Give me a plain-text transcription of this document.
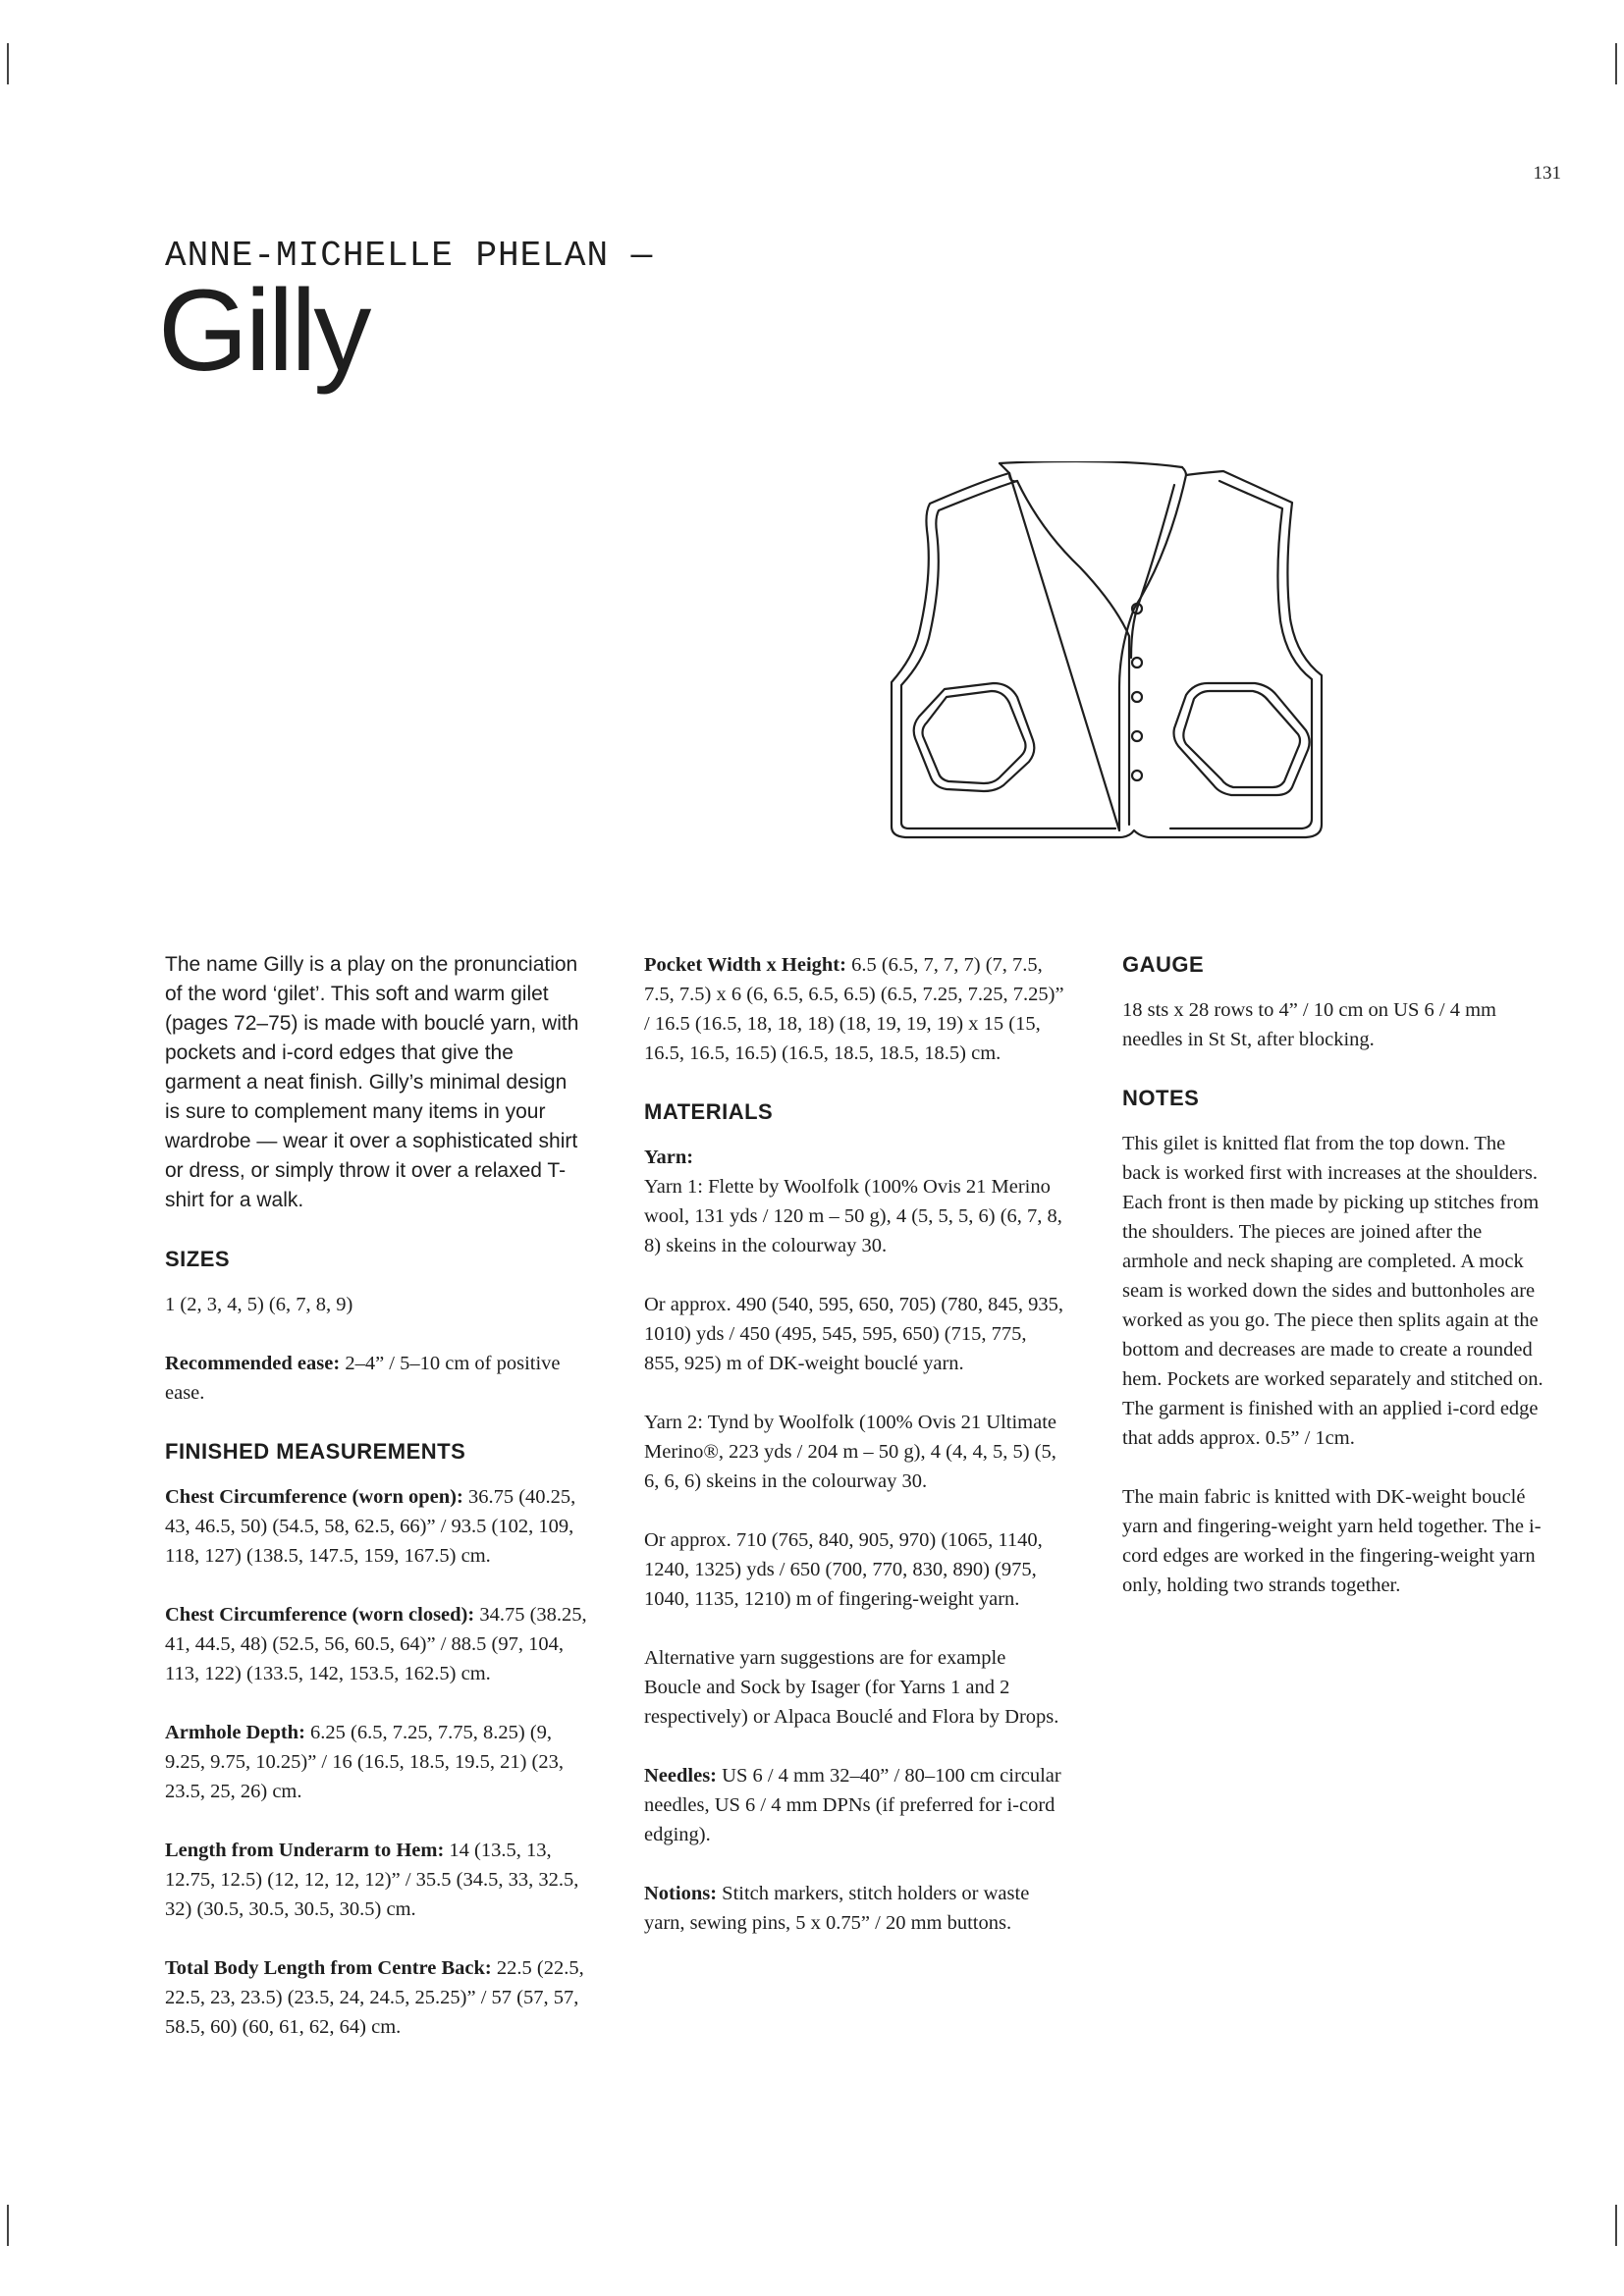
131
ANNE-MICHELLE PHELAN —
Gilly

The name Gilly is a play on the pronunciation of the word ‘gilet’. This soft and warm gilet (pages 72–75) is made with bouclé yarn, with pockets and i-cord edges that give the garment a neat finish. Gilly’s minimal design is sure to complement many items in your wardrobe — wear it over a sophisticated shirt or dress, or simply throw it over a relaxed T-shirt for a walk.

SIZES

1 (2, 3, 4, 5) (6, 7, 8, 9)

Recommended ease: 2–4” / 5–10 cm of positive ease.

FINISHED MEASUREMENTS

Chest Circumference (worn open): 36.75 (40.25, 43, 46.5, 50) (54.5, 58, 62.5, 66)” / 93.5 (102, 109, 118, 127) (138.5, 147.5, 159, 167.5) cm.

Chest Circumference (worn closed): 34.75 (38.25, 41, 44.5, 48) (52.5, 56, 60.5, 64)” / 88.5 (97, 104, 113, 122) (133.5, 142, 153.5, 162.5) cm.

Armhole Depth: 6.25 (6.5, 7.25, 7.75, 8.25) (9, 9.25, 9.75, 10.25)” / 16 (16.5, 18.5, 19.5, 21) (23, 23.5, 25, 26) cm.

Length from Underarm to Hem: 14 (13.5, 13, 12.75, 12.5) (12, 12, 12, 12)” / 35.5 (34.5, 33, 32.5, 32) (30.5, 30.5, 30.5, 30.5) cm.

Total Body Length from Centre Back: 22.5 (22.5, 22.5, 23, 23.5) (23.5, 24, 24.5, 25.25)” / 57 (57, 57, 58.5, 60) (60, 61, 62, 64) cm.

Pocket Width x Height: 6.5 (6.5, 7, 7, 7) (7, 7.5, 7.5, 7.5) x 6 (6, 6.5, 6.5, 6.5) (6.5, 7.25, 7.25, 7.25)” / 16.5 (16.5, 18, 18, 18) (18, 19, 19, 19) x 15 (15, 16.5, 16.5, 16.5) (16.5, 18.5, 18.5, 18.5) cm.

MATERIALS

Yarn:

Yarn 1: Flette by Woolfolk (100% Ovis 21 Merino wool, 131 yds / 120 m – 50 g), 4 (5, 5, 5, 6) (6, 7, 8, 8) skeins in the colourway 30.

Or approx. 490 (540, 595, 650, 705) (780, 845, 935, 1010) yds / 450 (495, 545, 595, 650) (715, 775, 855, 925) m of DK-weight bouclé yarn.

Yarn 2: Tynd by Woolfolk (100% Ovis 21 Ultimate Merino®, 223 yds / 204 m – 50 g), 4 (4, 4, 5, 5) (5, 6, 6, 6) skeins in the colourway 30.

Or approx. 710 (765, 840, 905, 970) (1065, 1140, 1240, 1325) yds / 650 (700, 770, 830, 890) (975, 1040, 1135, 1210) m of fingering-weight yarn.

Alternative yarn suggestions are for example Boucle and Sock by Isager (for Yarns 1 and 2 respectively) or Alpaca Bouclé and Flora by Drops.

Needles: US 6 / 4 mm 32–40” / 80–100 cm circular needles, US 6 / 4 mm DPNs (if preferred for i-cord edging).

Notions: Stitch markers, stitch holders or waste yarn, sewing pins, 5 x 0.75” / 20 mm buttons.

GAUGE

18 sts x 28 rows to 4” / 10 cm on US 6 / 4 mm needles in St St, after blocking.

NOTES

This gilet is knitted flat from the top down. The back is worked first with increases at the shoulders. Each front is then made by picking up stitches from the shoulders. The pieces are joined after the armhole and neck shaping are completed. A mock seam is worked down the sides and buttonholes are worked as you go. The piece then splits again at the bottom and decreases are made to create a rounded hem. Pockets are worked separately and stitched on. The garment is finished with an applied i-cord edge that adds approx. 0.5” / 1cm.

The main fabric is knitted with DK-weight bouclé yarn and fingering-weight yarn held together. The i-cord edges are worked in the fingering-weight yarn only, holding two strands together.
